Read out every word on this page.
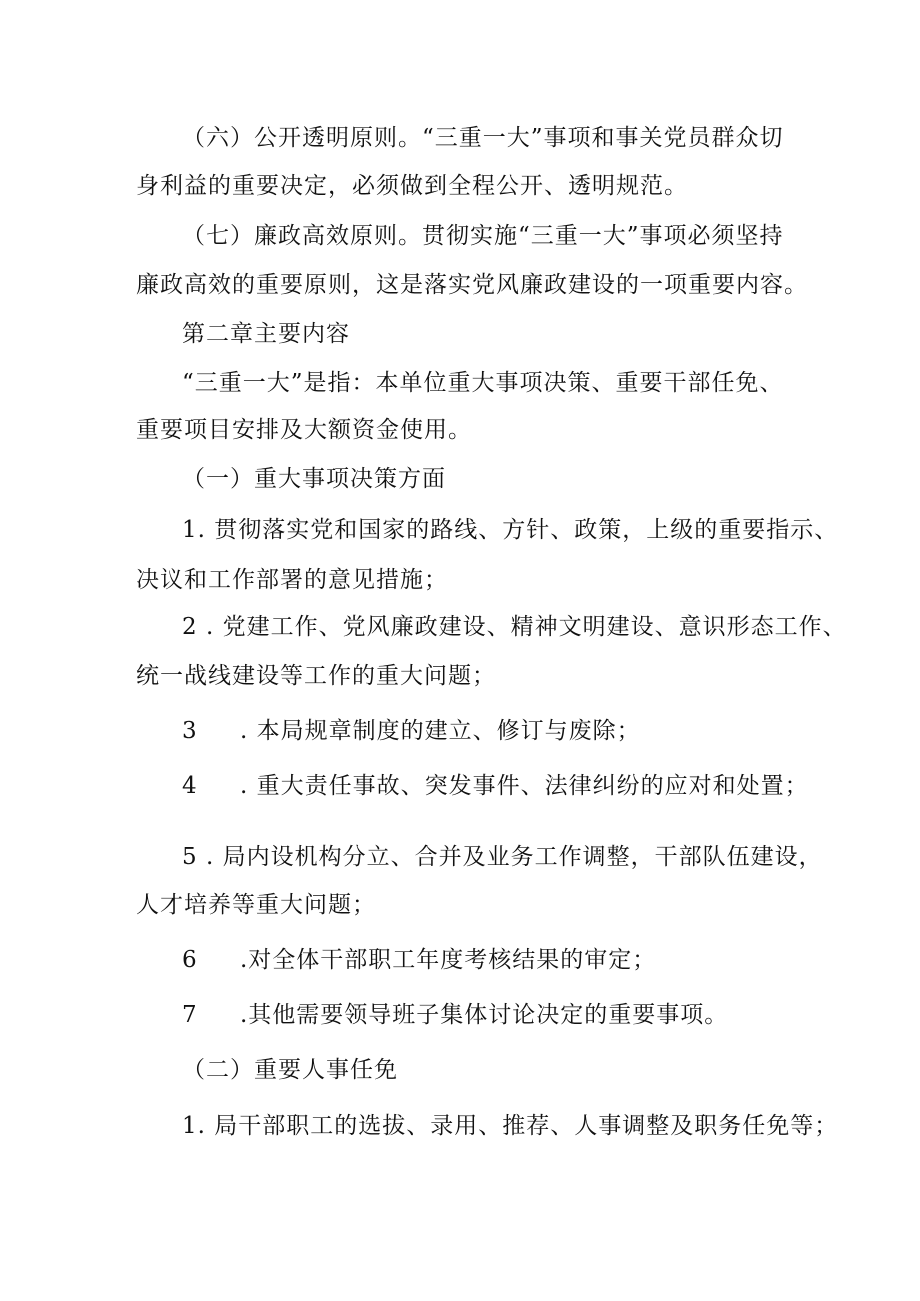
（六）公开透明原则。“三重一大”事项和事关党员群众切
身利益的重要决定，必须做到全程公开、透明规范。
（七）廉政高效原则。贯彻实施“三重一大”事项必须坚持
廉政高效的重要原则，这是落实党风廉政建设的一项重要内容。
第二章主要内容
“三重一大”是指：本单位重大事项决策、重要干部任免、
重要项目安排及大额资金使用。
（一）重大事项决策方面
1. 贯彻落实党和国家的路线、方针、政策，上级的重要指示、
决议和工作部署的意见措施；
2 . 党建工作、党风廉政建设、精神文明建设、意识形态工作、
统一战线建设等工作的重大问题；
3 . 本局规章制度的建立、修订与废除；
4 . 重大责任事故、突发事件、法律纠纷的应对和处置；
5 . 局内设机构分立、合并及业务工作调整，干部队伍建设，
人才培养等重大问题；
6 .对全体干部职工年度考核结果的审定；
7 .其他需要领导班子集体讨论决定的重要事项。
（二）重要人事任免
1. 局干部职工的选拔、录用、推荐、人事调整及职务任免等；
